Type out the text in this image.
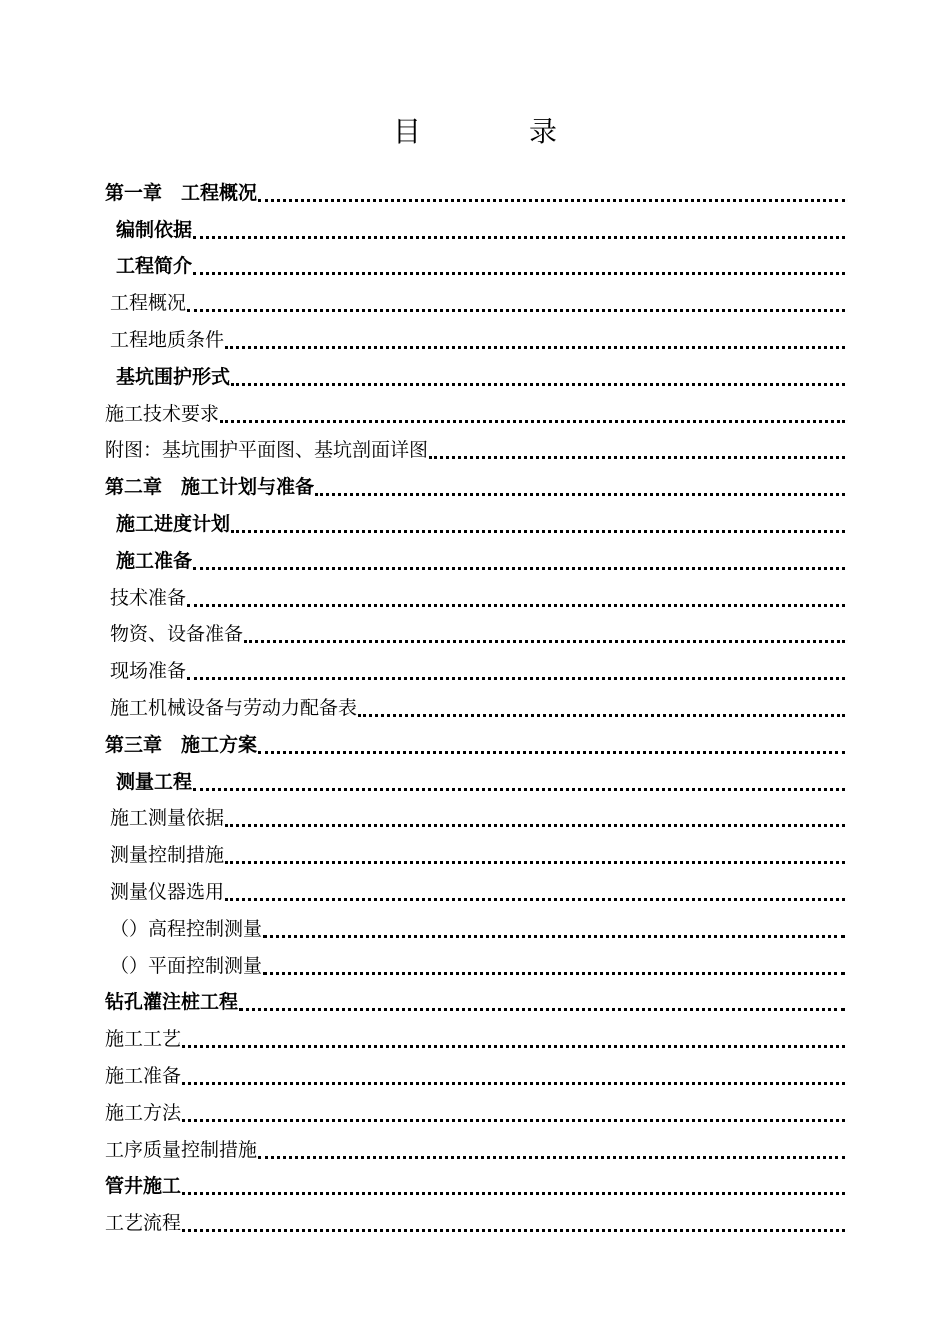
目　录
第一章　工程概况
编制依据
工程简介
工程概况
工程地质条件
基坑围护形式
施工技术要求
附图：基坑围护平面图、基坑剖面详图
第二章　施工计划与准备
施工进度计划
施工准备
技术准备
物资、设备准备
现场准备
施工机械设备与劳动力配备表
第三章　施工方案
测量工程
施工测量依据
测量控制措施
测量仪器选用
（）高程控制测量
（）平面控制测量
钻孔灌注桩工程
施工工艺
施工准备
施工方法
工序质量控制措施
管井施工
工艺流程
